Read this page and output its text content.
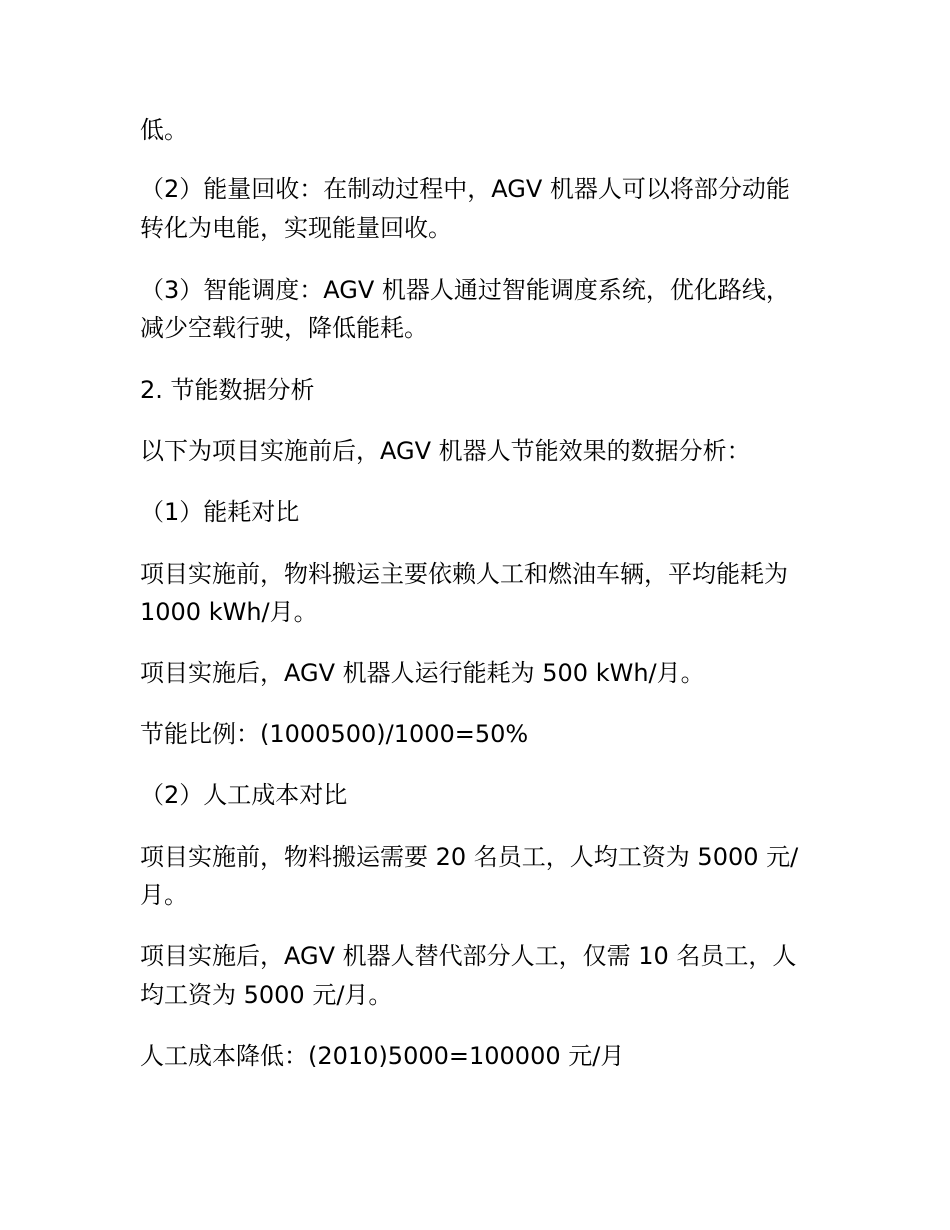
低。
（2）能量回收：在制动过程中，AGV 机器人可以将部分动能
转化为电能，实现能量回收。
（3）智能调度：AGV 机器人通过智能调度系统，优化路线，
减少空载行驶，降低能耗。
2. 节能数据分析
以下为项目实施前后，AGV 机器人节能效果的数据分析：
（1）能耗对比
项目实施前，物料搬运主要依赖人工和燃油车辆，平均能耗为
1000 kWh/月。
项目实施后，AGV 机器人运行能耗为 500 kWh/月。
节能比例：(1000500)/1000=50%
（2）人工成本对比
项目实施前，物料搬运需要 20 名员工，人均工资为 5000 元/
月。
项目实施后，AGV 机器人替代部分人工，仅需 10 名员工，人
均工资为 5000 元/月。
人工成本降低：(2010)5000=100000 元/月
